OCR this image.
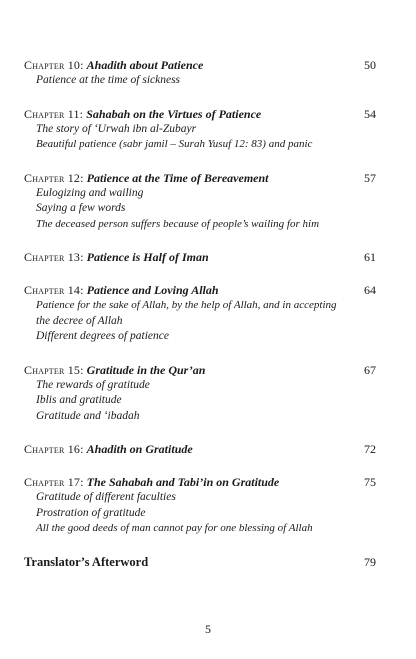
Chapter 10: Ahadith about Patience	50
Patience at the time of sickness
Chapter 11: Sahabah on the Virtues of Patience	54
The story of ‘Urwah ibn al-Zubayr
Beautiful patience (sabr jamil – Surah Yusuf 12: 83) and panic
Chapter 12: Patience at the Time of Bereavement	57
Eulogizing and wailing
Saying a few words
The deceased person suffers because of people’s wailing for him
Chapter 13: Patience is Half of Iman	61
Chapter 14: Patience and Loving Allah	64
Patience for the sake of Allah, by the help of Allah, and in accepting
the decree of Allah
Different degrees of patience
Chapter 15: Gratitude in the Qur’an	67
The rewards of gratitude
Iblis and gratitude
Gratitude and ‘ibadah
Chapter 16: Ahadith on Gratitude	72
Chapter 17: The Sahabah and Tabi’in on Gratitude	75
Gratitude of different faculties
Prostration of gratitude
All the good deeds of man cannot pay for one blessing of Allah
Translator’s Afterword	79
5
